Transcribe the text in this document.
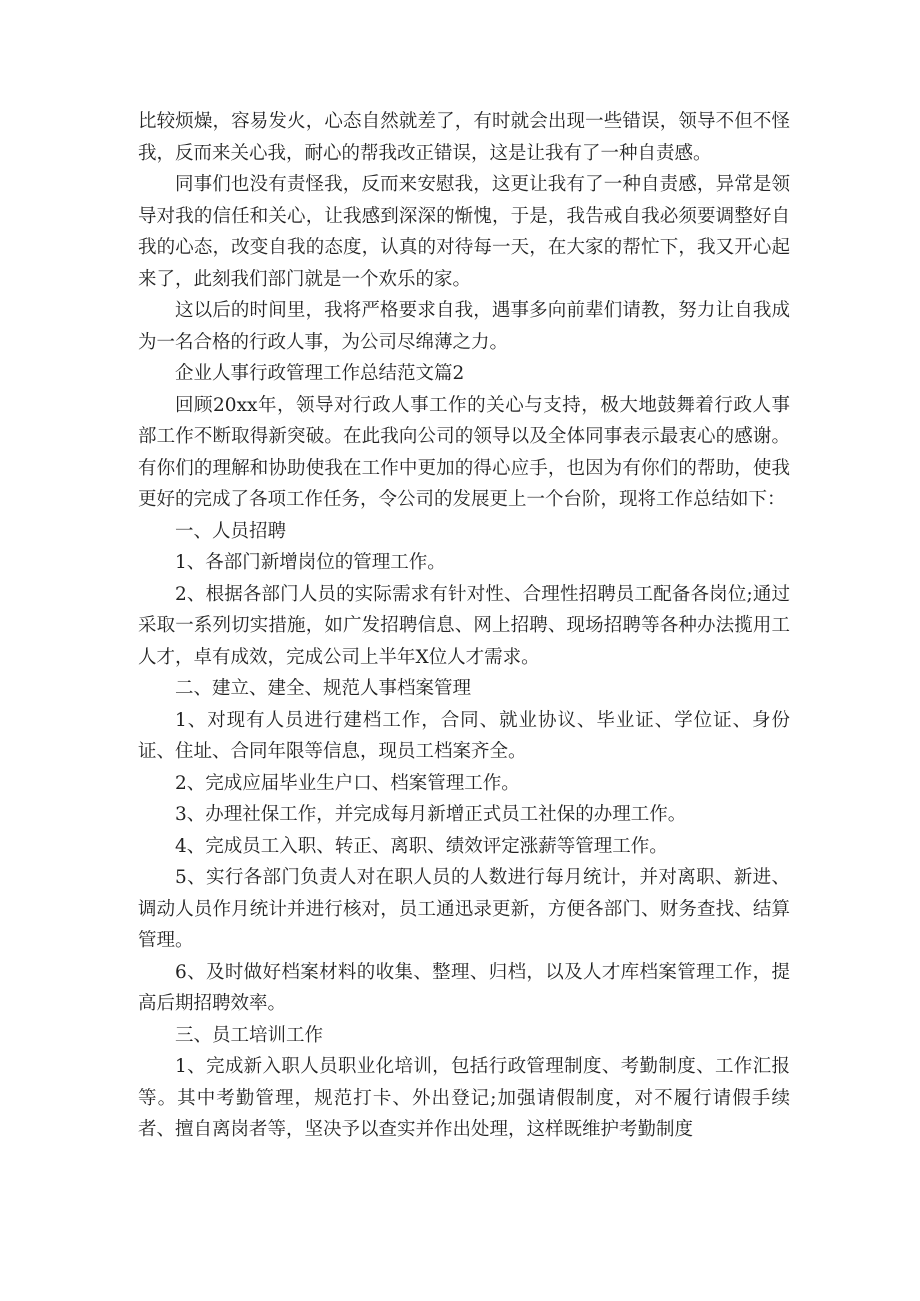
比较烦燥，容易发火，心态自然就差了，有时就会出现一些错误，领导不但不怪我，反而来关心我，耐心的帮我改正错误，这是让我有了一种自责感。

同事们也没有责怪我，反而来安慰我，这更让我有了一种自责感，异常是领导对我的信任和关心，让我感到深深的惭愧，于是，我告戒自我必须要调整好自我的心态，改变自我的态度，认真的对待每一天，在大家的帮忙下，我又开心起来了，此刻我们部门就是一个欢乐的家。

这以后的时间里，我将严格要求自我，遇事多向前辈们请教，努力让自我成为一名合格的行政人事，为公司尽绵薄之力。

企业人事行政管理工作总结范文篇2

回顾20xx年，领导对行政人事工作的关心与支持，极大地鼓舞着行政人事部工作不断取得新突破。在此我向公司的领导以及全体同事表示最衷心的感谢。有你们的理解和协助使我在工作中更加的得心应手，也因为有你们的帮助，使我更好的完成了各项工作任务，令公司的发展更上一个台阶，现将工作总结如下：

一、人员招聘

1、各部门新增岗位的管理工作。

2、根据各部门人员的实际需求有针对性、合理性招聘员工配备各岗位;通过采取一系列切实措施，如广发招聘信息、网上招聘、现场招聘等各种办法揽用工人才，卓有成效，完成公司上半年X位人才需求。

二、建立、建全、规范人事档案管理

1、对现有人员进行建档工作，合同、就业协议、毕业证、学位证、身份证、住址、合同年限等信息，现员工档案齐全。

2、完成应届毕业生户口、档案管理工作。

3、办理社保工作，并完成每月新增正式员工社保的办理工作。

4、完成员工入职、转正、离职、绩效评定涨薪等管理工作。

5、实行各部门负责人对在职人员的人数进行每月统计，并对离职、新进、调动人员作月统计并进行核对，员工通迅录更新，方便各部门、财务查找、结算管理。

6、及时做好档案材料的收集、整理、归档，以及人才库档案管理工作，提高后期招聘效率。

三、员工培训工作

1、完成新入职人员职业化培训，包括行政管理制度、考勤制度、工作汇报等。其中考勤管理，规范打卡、外出登记;加强请假制度，对不履行请假手续者、擅自离岗者等，坚决予以查实并作出处理，这样既维护考勤制度
